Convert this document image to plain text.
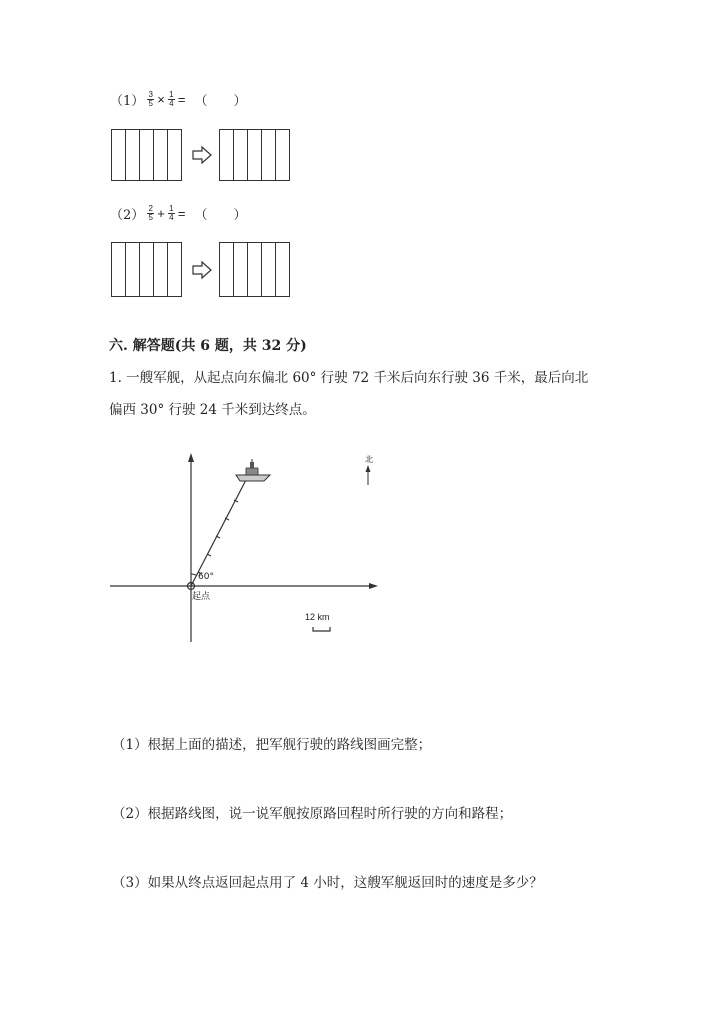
$(1) \frac{3}{5} \times \frac{1}{4}$ = （　　）
$(2) \frac{2}{5} + \frac{1}{4}$ = （　　）
六. 解答题(共 6 题，共 32 分)
1. 一艘军舰，从起点向东偏北 60° 行驶 72 千米后向东行驶 36 千米，最后向北
偏西 30° 行驶 24 千米到达终点。
北
60°
起点
12 km
（1）根据上面的描述，把军舰行驶的路线图画完整；
（2）根据路线图，说一说军舰按原路回程时所行驶的方向和路程；
（3）如果从终点返回起点用了 4 小时，这艘军舰返回时的速度是多少？
